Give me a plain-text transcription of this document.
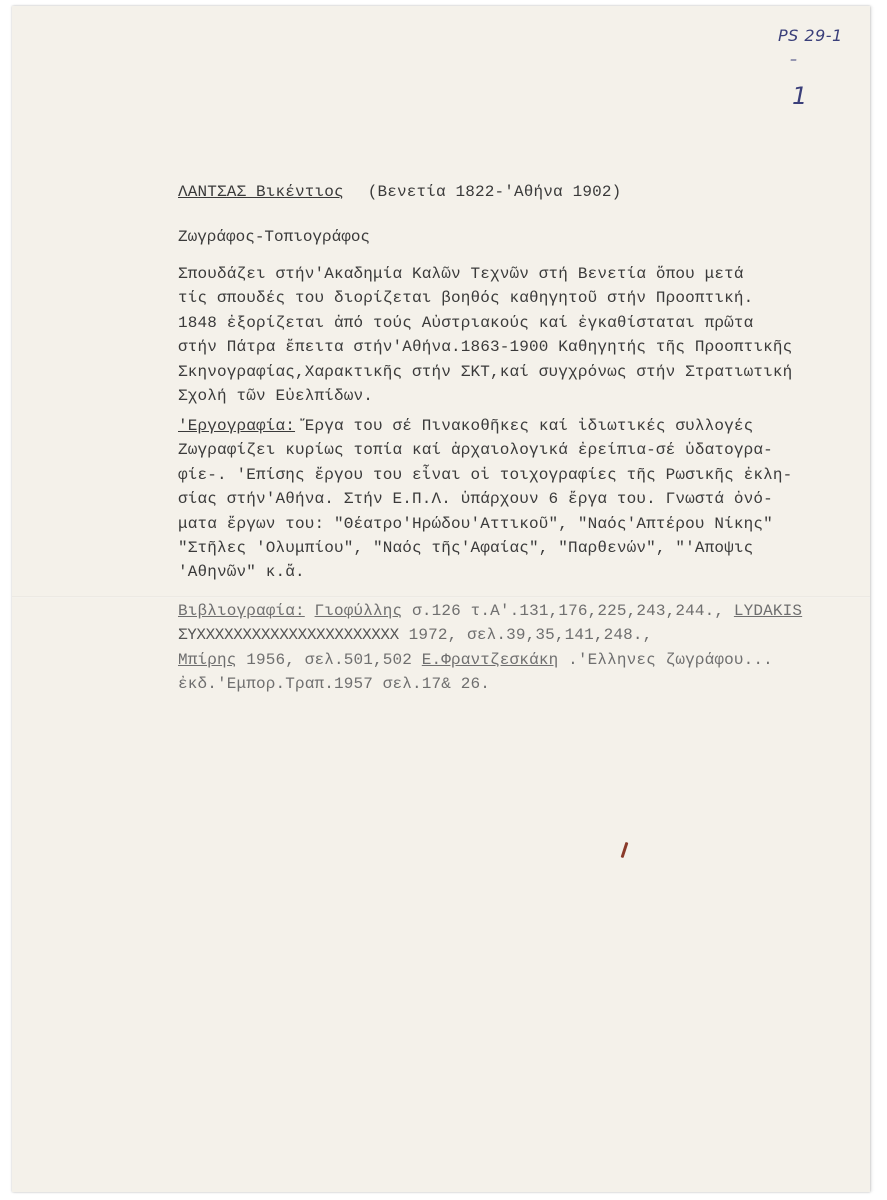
PS 29-1
–
1
ΛΑΝΤΣΑΣ Βικέντιος (Βενετία 1822-'Αθήνα 1902)
Ζωγράφος-Τοπιογράφος
Σπουδάζει στήν'Ακαδημία Καλῶν Τεχνῶν στή Βενετία ὅπου μετά
τίς σπουδές του διορίζεται βοηθός καθηγητοῦ στήν Προοπτική.
1848 ἐξορίζεται ἀπό τούς Αὐστριακούς καί ἐγκαθίσταται πρῶτα
στήν Πάτρα ἔπειτα στήν'Αθήνα.1863-1900 Καθηγητής τῆς Προοπτικῆς
Σκηνογραφίας,Χαρακτικῆς στήν ΣΚΤ,καί συγχρόνως στήν Στρατιωτική
Σχολή τῶν Εὐελπίδων.
'Εργογραφία: Ἔργα του σέ Πινακοθῆκες καί ἰδιωτικές συλλογές
Ζωγραφίζει κυρίως τοπία καί ἀρχαιολογικά ἐρείπια-σέ ὑδατογρα-
φίε-. 'Επίσης ἔργου του εἶναι οἱ τοιχογραφίες τῆς Ρωσικῆς ἐκλη-
σίας στήν'Αθήνα. Στήν Ε.Π.Λ. ὑπάρχουν 6 ἔργα του. Γνωστά ὀνό-
ματα ἔργων του: "Θέατρο'Ηρώδου'Αττικοῦ", "Ναός'Απτέρου Νίκης"
"Στῆλες 'Ολυμπίου", "Ναός τῆς'Αφαίας", "Παρθενών", "'Αποψις
'Αθηνῶν" κ.ἄ.
Βιβλιογραφία: Γιοφύλλης σ.126 τ.Α'.131,176,225,243,244., LYDAKIS
ΣΥΧΧΧΧΧΧΧΧΧΧΧΧΧΧΧΧΧΧΧΧΧΧ 1972, σελ.39,35,141,248.,
Μπίρης 1956, σελ.501,502 Ε.Φραντζεσκάκη .'Ελληνες ζωγράφου...
ἐκδ.'Εμπορ.Τραπ.1957 σελ.17& 26.
